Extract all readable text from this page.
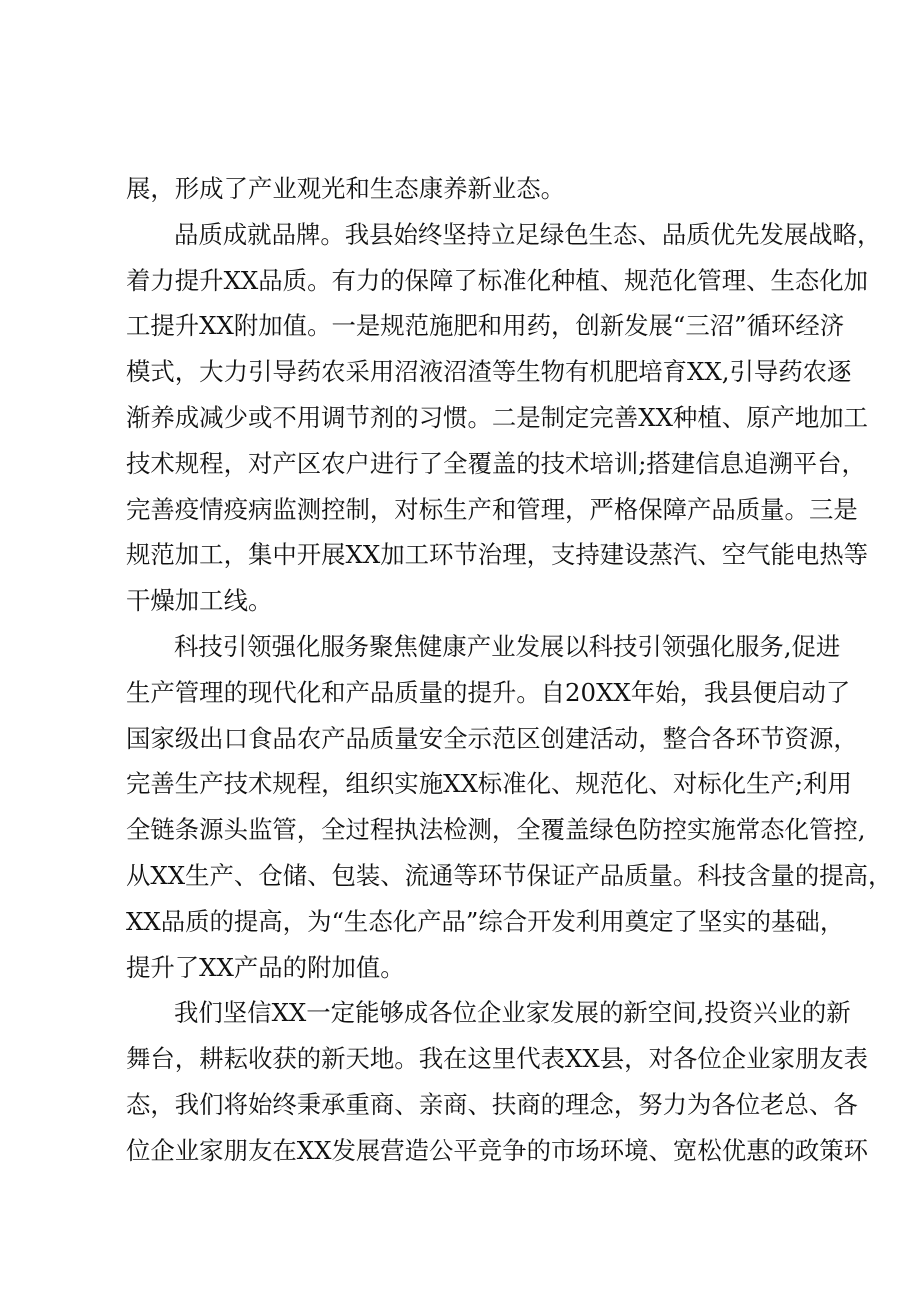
展，形成了产业观光和生态康养新业态。
品质成就品牌。我县始终坚持立足绿色生态、品质优先发展战略，
着力提升XX品质。有力的保障了标准化种植、规范化管理、生态化加
工提升XX附加值。一是规范施肥和用药，创新发展“三沼”循环经济
模式，大力引导药农采用沼液沼渣等生物有机肥培育XX,引导药农逐
渐养成减少或不用调节剂的习惯。二是制定完善XX种植、原产地加工
技术规程，对产区农户进行了全覆盖的技术培训;搭建信息追溯平台，
完善疫情疫病监测控制，对标生产和管理，严格保障产品质量。三是
规范加工，集中开展XX加工环节治理，支持建设蒸汽、空气能电热等
干燥加工线。
科技引领强化服务聚焦健康产业发展以科技引领强化服务,促进
生产管理的现代化和产品质量的提升。自20XX年始，我县便启动了
国家级出口食品农产品质量安全示范区创建活动，整合各环节资源，
完善生产技术规程，组织实施XX标准化、规范化、对标化生产;利用
全链条源头监管，全过程执法检测，全覆盖绿色防控实施常态化管控,
从XX生产、仓储、包装、流通等环节保证产品质量。科技含量的提高，
XX品质的提高，为“生态化产品”综合开发利用奠定了坚实的基础，
提升了XX产品的附加值。
我们坚信XX一定能够成各位企业家发展的新空间,投资兴业的新
舞台，耕耘收获的新天地。我在这里代表XX县，对各位企业家朋友表
态，我们将始终秉承重商、亲商、扶商的理念，努力为各位老总、各
位企业家朋友在XX发展营造公平竞争的市场环境、宽松优惠的政策环
